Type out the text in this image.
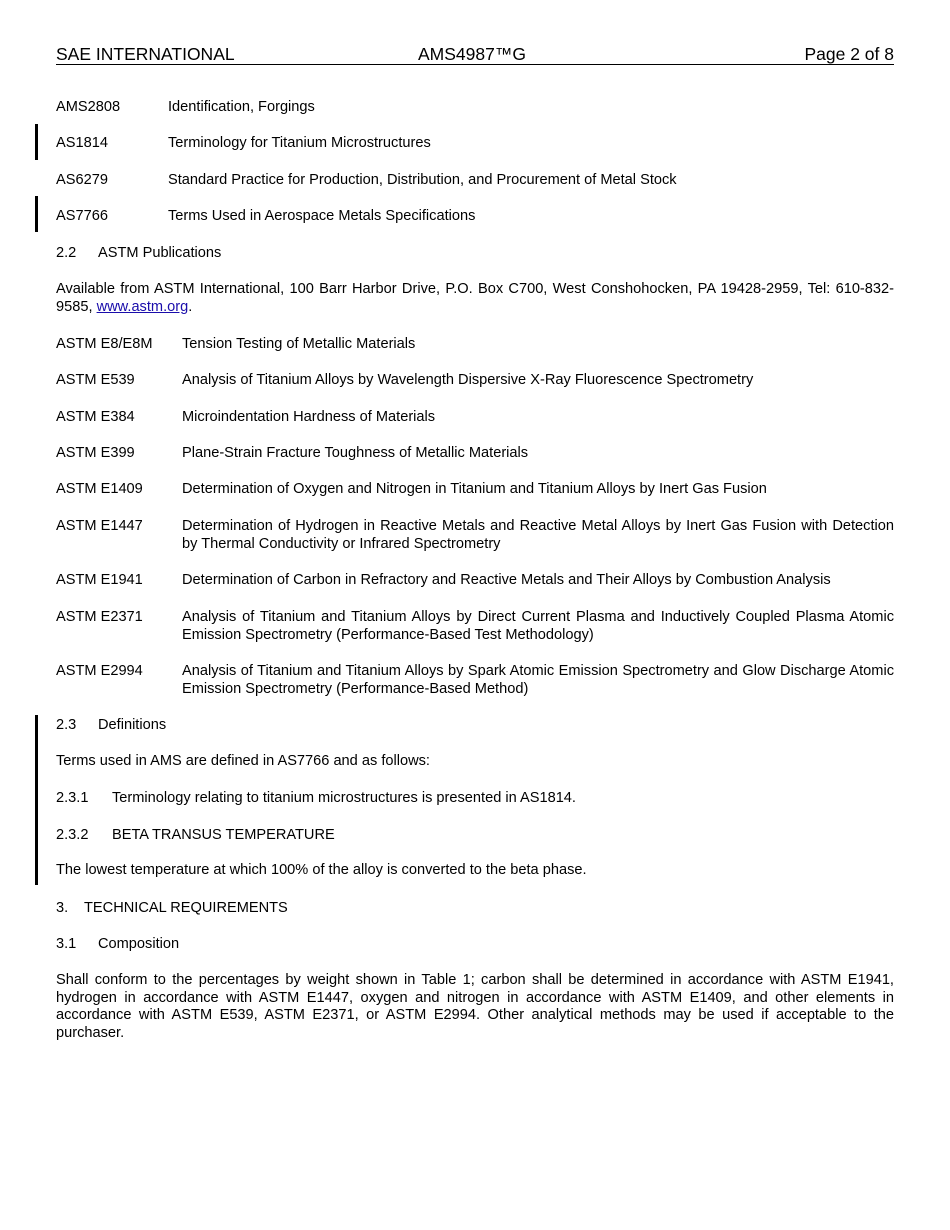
SAE INTERNATIONAL	AMS4987™G	Page 2 of 8
AMS2808	Identification, Forgings
AS1814	Terminology for Titanium Microstructures
AS6279	Standard Practice for Production, Distribution, and Procurement of Metal Stock
AS7766	Terms Used in Aerospace Metals Specifications
2.2 ASTM Publications
Available from ASTM International, 100 Barr Harbor Drive, P.O. Box C700, West Conshohocken, PA 19428-2959, Tel: 610-832-9585, www.astm.org.
ASTM E8/E8M Tension Testing of Metallic Materials
ASTM E539	Analysis of Titanium Alloys by Wavelength Dispersive X-Ray Fluorescence Spectrometry
ASTM E384	Microindentation Hardness of Materials
ASTM E399	Plane-Strain Fracture Toughness of Metallic Materials
ASTM E1409	Determination of Oxygen and Nitrogen in Titanium and Titanium Alloys by Inert Gas Fusion
ASTM E1447	Determination of Hydrogen in Reactive Metals and Reactive Metal Alloys by Inert Gas Fusion with Detection by Thermal Conductivity or Infrared Spectrometry
ASTM E1941	Determination of Carbon in Refractory and Reactive Metals and Their Alloys by Combustion Analysis
ASTM E2371	Analysis of Titanium and Titanium Alloys by Direct Current Plasma and Inductively Coupled Plasma Atomic Emission Spectrometry (Performance-Based Test Methodology)
ASTM E2994	Analysis of Titanium and Titanium Alloys by Spark Atomic Emission Spectrometry and Glow Discharge Atomic Emission Spectrometry (Performance-Based Method)
2.3 Definitions
Terms used in AMS are defined in AS7766 and as follows:
2.3.1 Terminology relating to titanium microstructures is presented in AS1814.
2.3.2 BETA TRANSUS TEMPERATURE
The lowest temperature at which 100% of the alloy is converted to the beta phase.
3. TECHNICAL REQUIREMENTS
3.1 Composition
Shall conform to the percentages by weight shown in Table 1; carbon shall be determined in accordance with ASTM E1941, hydrogen in accordance with ASTM E1447, oxygen and nitrogen in accordance with ASTM E1409, and other elements in accordance with ASTM E539, ASTM E2371, or ASTM E2994. Other analytical methods may be used if acceptable to the purchaser.
